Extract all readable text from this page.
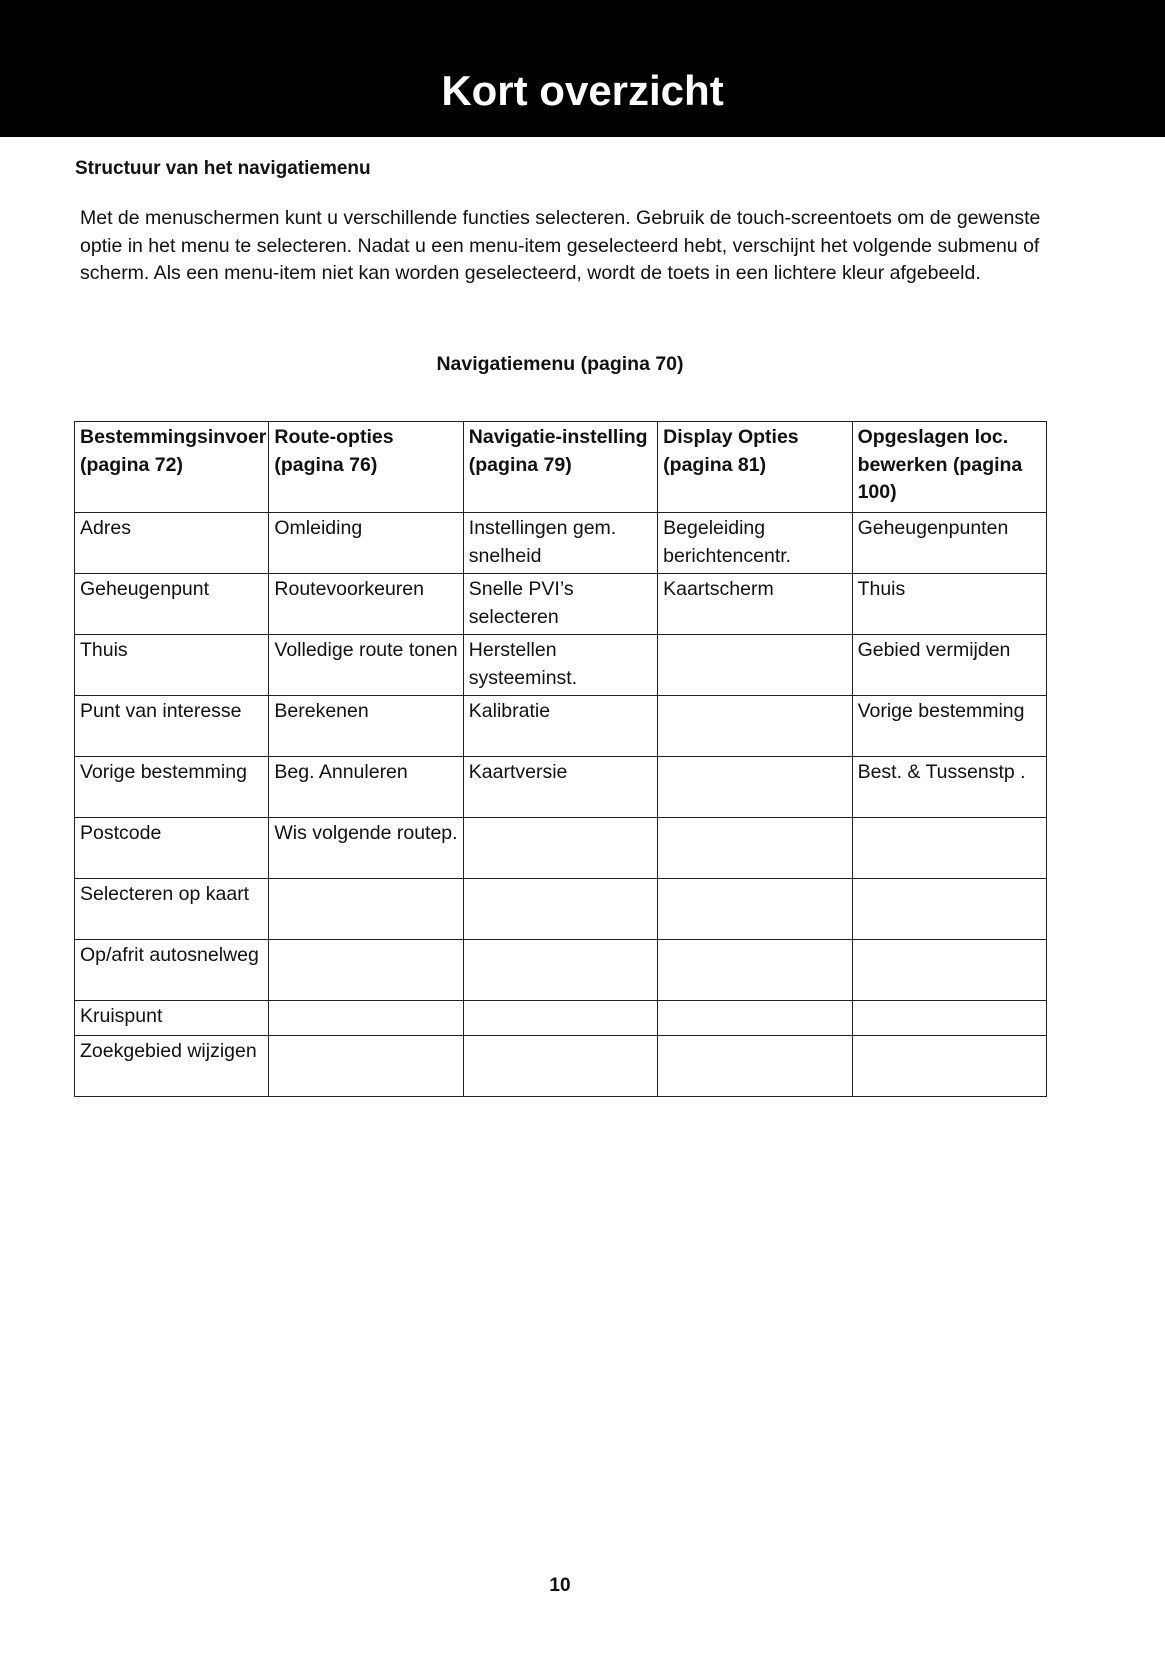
Kort overzicht
Structuur van het navigatiemenu
Met de menuschermen kunt u verschillende functies selecteren. Gebruik de touch-screentoets om de gewenste optie in het menu te selecteren. Nadat u een menu-item geselecteerd hebt, verschijnt het volgende submenu of scherm. Als een menu-item niet kan worden geselecteerd, wordt de toets in een lichtere kleur afgebeeld.
Navigatiemenu (pagina 70)
Bestemmingsinvoer (pagina 72)	Route-opties (pagina 76)	Navigatie-instelling (pagina 79)	Display Opties (pagina 81)	Opgeslagen loc. bewerken (pagina 100)
Adres	Omleiding	Instellingen gem. snelheid	Begeleiding berichtencentr.	Geheugenpunten
Geheugenpunt	Routevoorkeuren	Snelle PVI’s selecteren	Kaartscherm	Thuis
Thuis	Volledige route tonen	Herstellen systeeminst.		Gebied vermijden
Punt van interesse	Berekenen	Kalibratie		Vorige bestemming
Vorige bestemming	Beg. Annuleren	Kaartversie		Best. & Tussenstp .
Postcode	Wis volgende routep.			
Selecteren op kaart				
Op/afrit autosnelweg				
Kruispunt				
Zoekgebied wijzigen				
10
